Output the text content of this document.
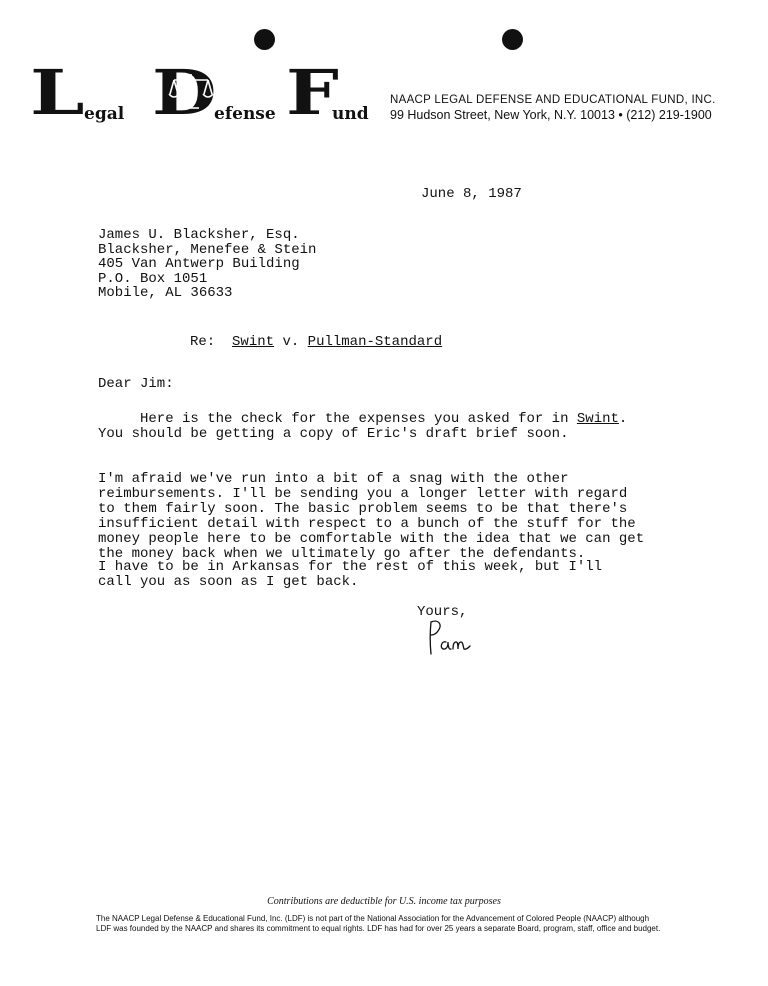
L egal D
efense F
und
NAACP LEGAL DEFENSE AND EDUCATIONAL FUND, INC.
99 Hudson Street, New York, N.Y. 10013 • (212) 219-1900
June 8, 1987
James U. Blacksher, Esq.
Blacksher, Menefee & Stein
405 Van Antwerp Building
P.O. Box 1051
Mobile, AL 36633
Re: Swint v. Pullman-Standard
Dear Jim:
Here is the check for the expenses you asked for in Swint.
You should be getting a copy of Eric's draft brief soon.

I'm afraid we've run into a bit of a snag with the other
reimbursements. I'll be sending you a longer letter with regard
to them fairly soon. The basic problem seems to be that there's
insufficient detail with respect to a bunch of the stuff for the
money people here to be comfortable with the idea that we can get
the money back when we ultimately go after the defendants.
I have to be in Arkansas for the rest of this week, but I'll
call you as soon as I get back.
Yours,
Contributions are deductible for U.S. income tax purposes
The NAACP Legal Defense & Educational Fund, Inc. (LDF) is not part of the National Association for the Advancement of Colored People (NAACP) although
LDF was founded by the NAACP and shares its commitment to equal rights. LDF has had for over 25 years a separate Board, program, staff, office and budget.
